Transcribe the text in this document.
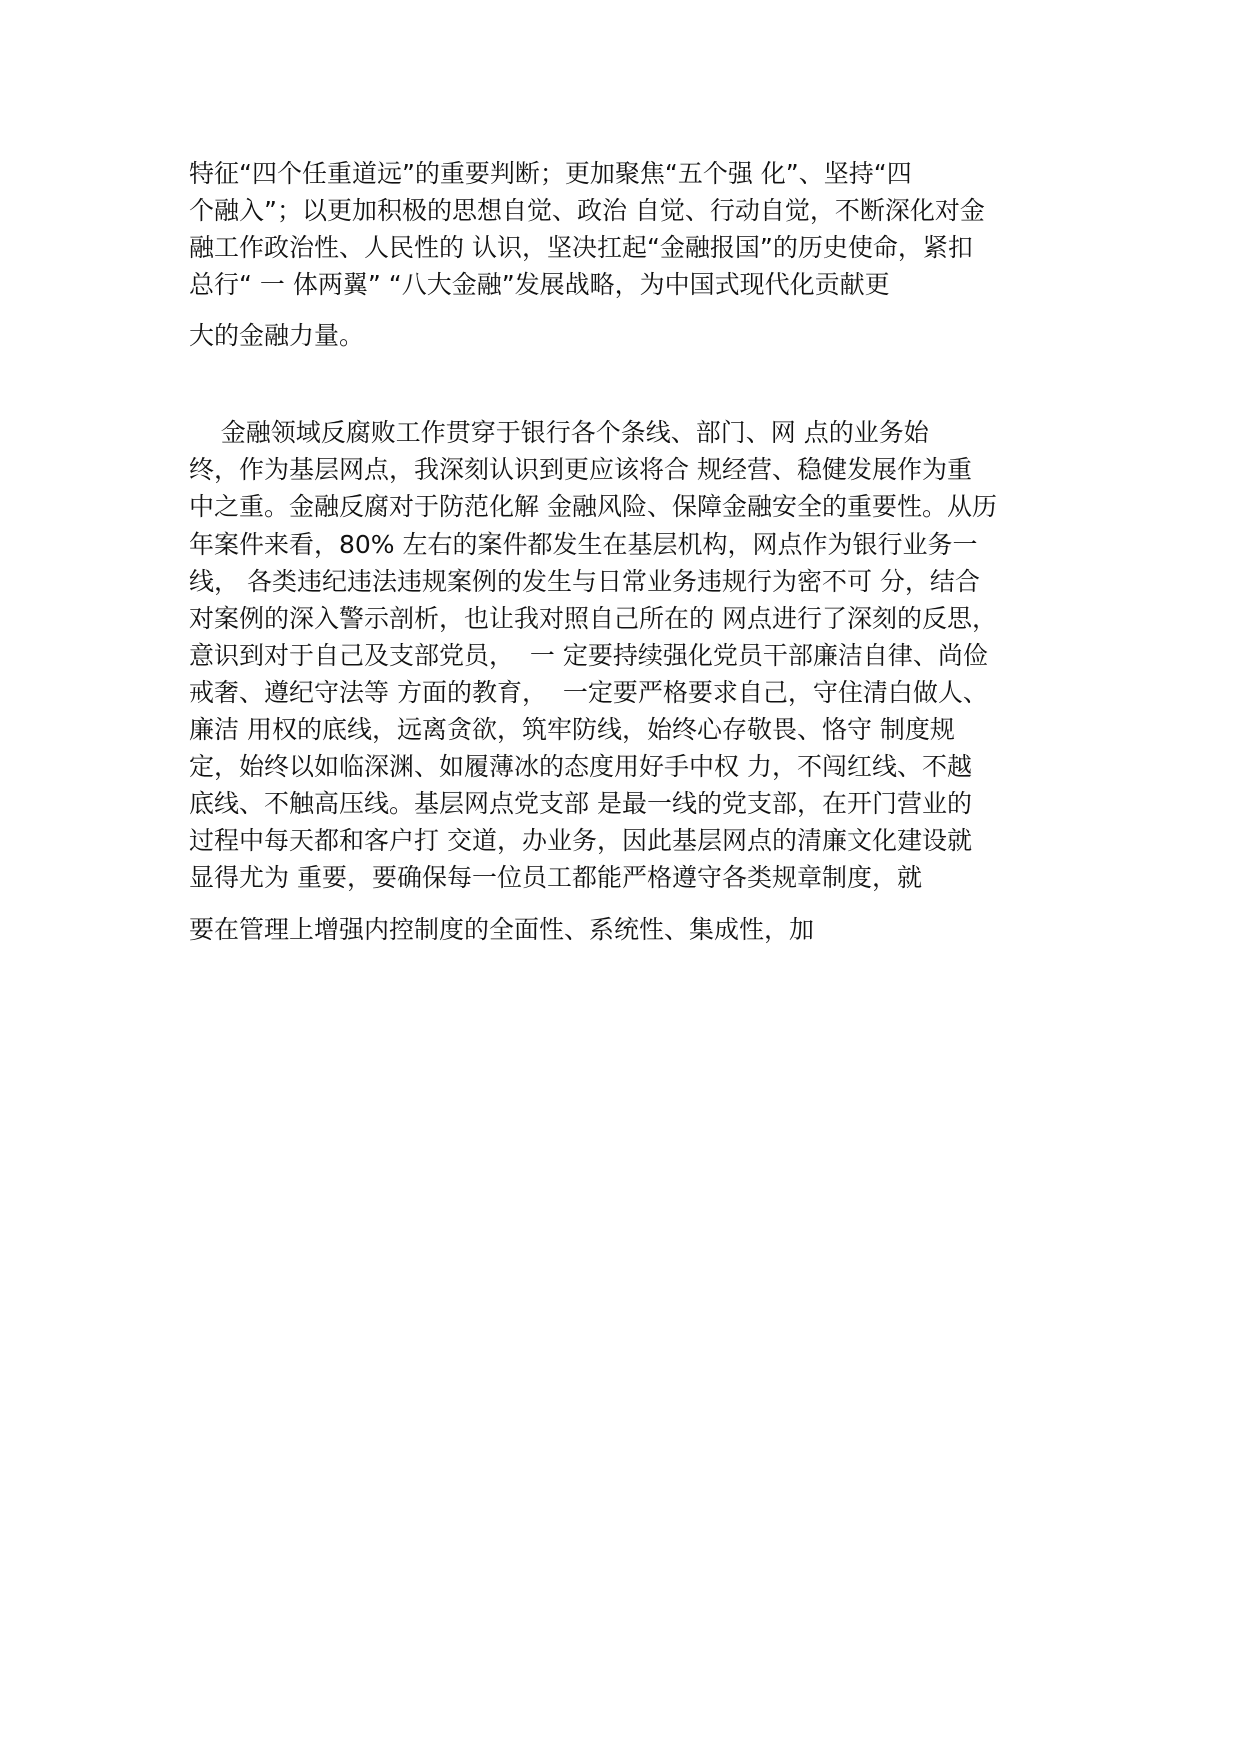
特征“四个任重道远”的重要判断；更加聚焦“五个强 化”、坚持“四
个融入”；以更加积极的思想自觉、政治 自觉、行动自觉，不断深化对金
融工作政治性、人民性的 认识，坚决扛起“金融报国”的历史使命，紧扣
总行“ 一 体两翼” “八大金融”发展战略，为中国式现代化贡献更
大的金融力量。
金融领域反腐败工作贯穿于银行各个条线、部门、网 点的业务始
终，作为基层网点，我深刻认识到更应该将合 规经营、稳健发展作为重
中之重。金融反腐对于防范化解 金融风险、保障金融安全的重要性。从历
年案件来看，80% 左右的案件都发生在基层机构，网点作为银行业务一
线， 各类违纪违法违规案例的发生与日常业务违规行为密不可 分，结合
对案例的深入警示剖析，也让我对照自己所在的 网点进行了深刻的反思，
意识到对于自己及支部党员，  一 定要持续强化党员干部廉洁自律、尚俭
戒奢、遵纪守法等 方面的教育，  一定要严格要求自己，守住清白做人、
廉洁 用权的底线，远离贪欲，筑牢防线，始终心存敬畏、恪守 制度规
定，始终以如临深渊、如履薄冰的态度用好手中权 力，不闯红线、不越
底线、不触高压线。基层网点党支部 是最一线的党支部，在开门营业的
过程中每天都和客户打 交道，办业务，因此基层网点的清廉文化建设就
显得尤为 重要，要确保每一位员工都能严格遵守各类规章制度，就
要在管理上增强内控制度的全面性、系统性、集成性，加
